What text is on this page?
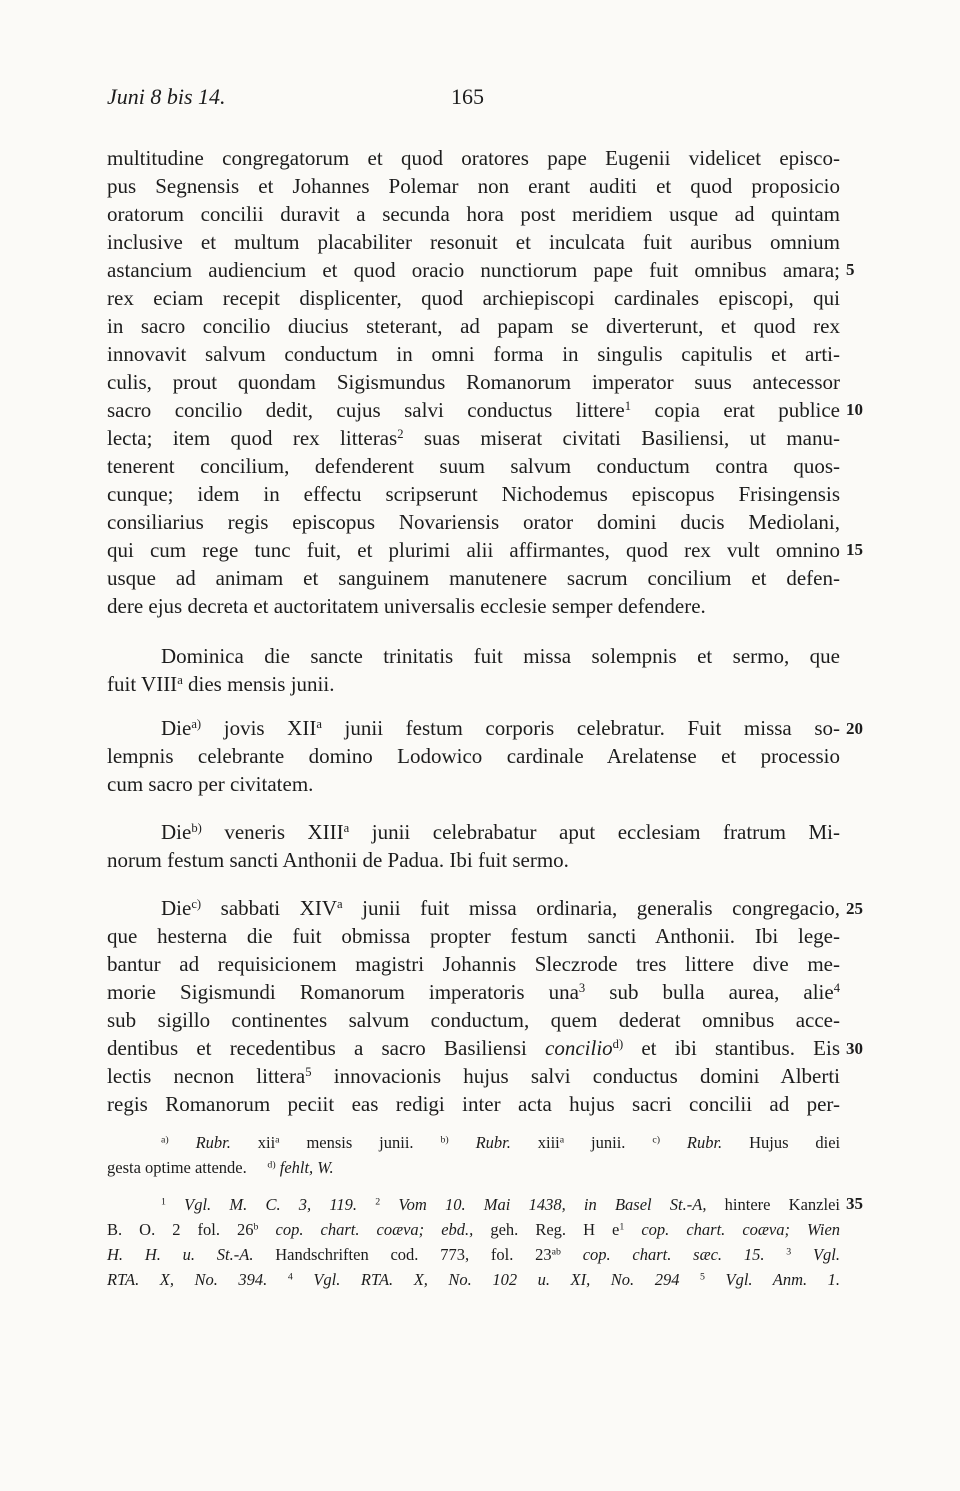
Juni 8 bis 14.	165
multitudine congregatorum et quod oratores pape Eugenii videlicet episco-
pus Segnensis et Johannes Polemar non erant auditi et quod proposicio
oratorum concilii duravit a secunda hora post meridiem usque ad quintam
inclusive et multum placabiliter resonuit et inculcata fuit auribus omnium
astancium audiencium et quod oracio nunctiorum pape fuit omnibus amara;
rex eciam recepit displicenter, quod archiepiscopi cardinales episcopi, qui
in sacro concilio diucius steterant, ad papam se diverterunt, et quod rex
innovavit salvum conductum in omni forma in singulis capitulis et arti-
culis, prout quondam Sigismundus Romanorum imperator suus antecessor
sacro concilio dedit, cujus salvi conductus littere$^1$ copia erat publice
lecta; item quod rex litteras$^2$ suas miserat civitati Basiliensi, ut manu-
tenerent concilium, defenderent suum salvum conductum contra quos-
cunque; idem in effectu scripserunt Nichodemus episcopus Frisingensis
consiliarius regis episcopus Novariensis orator domini ducis Mediolani,
qui cum rege tunc fuit, et plurimi alii affirmantes, quod rex vult omnino
usque ad animam et sanguinem manutenere sacrum concilium et defen-
dere ejus decreta et auctoritatem universalis ecclesie semper defendere.
Dominica die sancte trinitatis fuit missa solempnis et sermo, que
fuit VIII$^a$ dies mensis junii.
Die$^{a)}$ jovis XII$^a$ junii festum corporis celebratur. Fuit missa so-
lempnis celebrante domino Lodowico cardinale Arelatense et processio
cum sacro per civitatem.
Die$^{b)}$ veneris XIII$^a$ junii celebrabatur aput ecclesiam fratrum Mi-
norum festum sancti Anthonii de Padua. Ibi fuit sermo.
Die$^{c)}$ sabbati XIV$^a$ junii fuit missa ordinaria, generalis congregacio,
que hesterna die fuit obmissa propter festum sancti Anthonii. Ibi lege-
bantur ad requisicionem magistri Johannis Sleczrode tres littere dive me-
morie Sigismundi Romanorum imperatoris una$^3$ sub bulla aurea, alie$^4$
sub sigillo continentes salvum conductum, quem dederat omnibus acce-
dentibus et recedentibus a sacro Basiliensi concilio$^{d)}$ et ibi stantibus. Eis
lectis necnon littera$^5$ innovacionis hujus salvi conductus domini Alberti
regis Romanorum peciit eas redigi inter acta hujus sacri concilii ad per-
$^{a)}$ Rubr. xii$^a$ mensis junii.	$^{b)}$ Rubr. xiii$^a$ junii.	$^{c)}$ Rubr. Hujus diei
gesta optime attende. $^{d)}$ fehlt, W.
$^1$ Vgl. M. C. 3, 119. $^2$ Vom 10. Mai 1438, in Basel St.-A, hintere Kanzlei
B. O. 2 fol. 26$^b$ cop. chart. coæva; ebd., geh. Reg. H $e^1$ cop. chart. coæva; Wien
H. H. u. St.-A. Handschriften cod. 773, fol. $23^{ab}$ cop. chart. sæc. 15. $^3$ Vgl.
RTA. X, No. 394. $^4$ Vgl. RTA. X, No. 102 u. XI, No. 294 $^5$ Vgl. Anm. 1.
5
10
15
20
25
30
35
